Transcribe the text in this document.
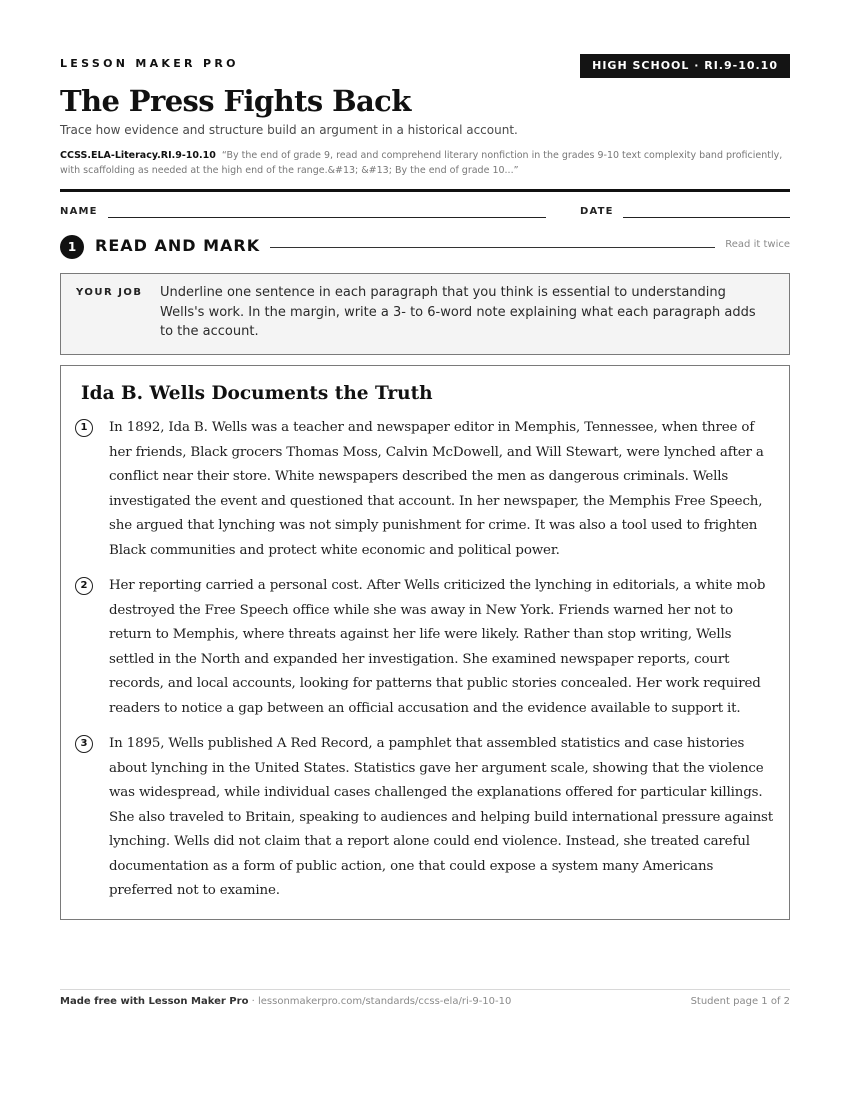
LESSON MAKER PRO	HIGH SCHOOL · RI.9-10.10
The Press Fights Back
Trace how evidence and structure build an argument in a historical account.
CCSS.ELA-Literacy.RI.9-10.10 “By the end of grade 9, read and comprehend literary nonfiction in the grades 9-10 text complexity band proficiently, with scaffolding as needed at the high end of the range.&#13; &#13; By the end of grade 10...”
NAME	DATE
1	READ AND MARK	Read it twice
YOUR JOB Underline one sentence in each paragraph that you think is essential to understanding Wells's work. In the margin, write a 3- to 6-word note explaining what each paragraph adds to the account.
Ida B. Wells Documents the Truth
1	In 1892, Ida B. Wells was a teacher and newspaper editor in Memphis, Tennessee, when three of her friends, Black grocers Thomas Moss, Calvin McDowell, and Will Stewart, were lynched after a conflict near their store. White newspapers described the men as dangerous criminals. Wells investigated the event and questioned that account. In her newspaper, the Memphis Free Speech, she argued that lynching was not simply punishment for crime. It was also a tool used to frighten Black communities and protect white economic and political power.
2	Her reporting carried a personal cost. After Wells criticized the lynching in editorials, a white mob destroyed the Free Speech office while she was away in New York. Friends warned her not to return to Memphis, where threats against her life were likely. Rather than stop writing, Wells settled in the North and expanded her investigation. She examined newspaper reports, court records, and local accounts, looking for patterns that public stories concealed. Her work required readers to notice a gap between an official accusation and the evidence available to support it.
3	In 1895, Wells published A Red Record, a pamphlet that assembled statistics and case histories about lynching in the United States. Statistics gave her argument scale, showing that the violence was widespread, while individual cases challenged the explanations offered for particular killings. She also traveled to Britain, speaking to audiences and helping build international pressure against lynching. Wells did not claim that a report alone could end violence. Instead, she treated careful documentation as a form of public action, one that could expose a system many Americans preferred not to examine.
Made free with Lesson Maker Pro · lessonmakerpro.com/standards/ccss-ela/ri-9-10-10	Student page 1 of 2
